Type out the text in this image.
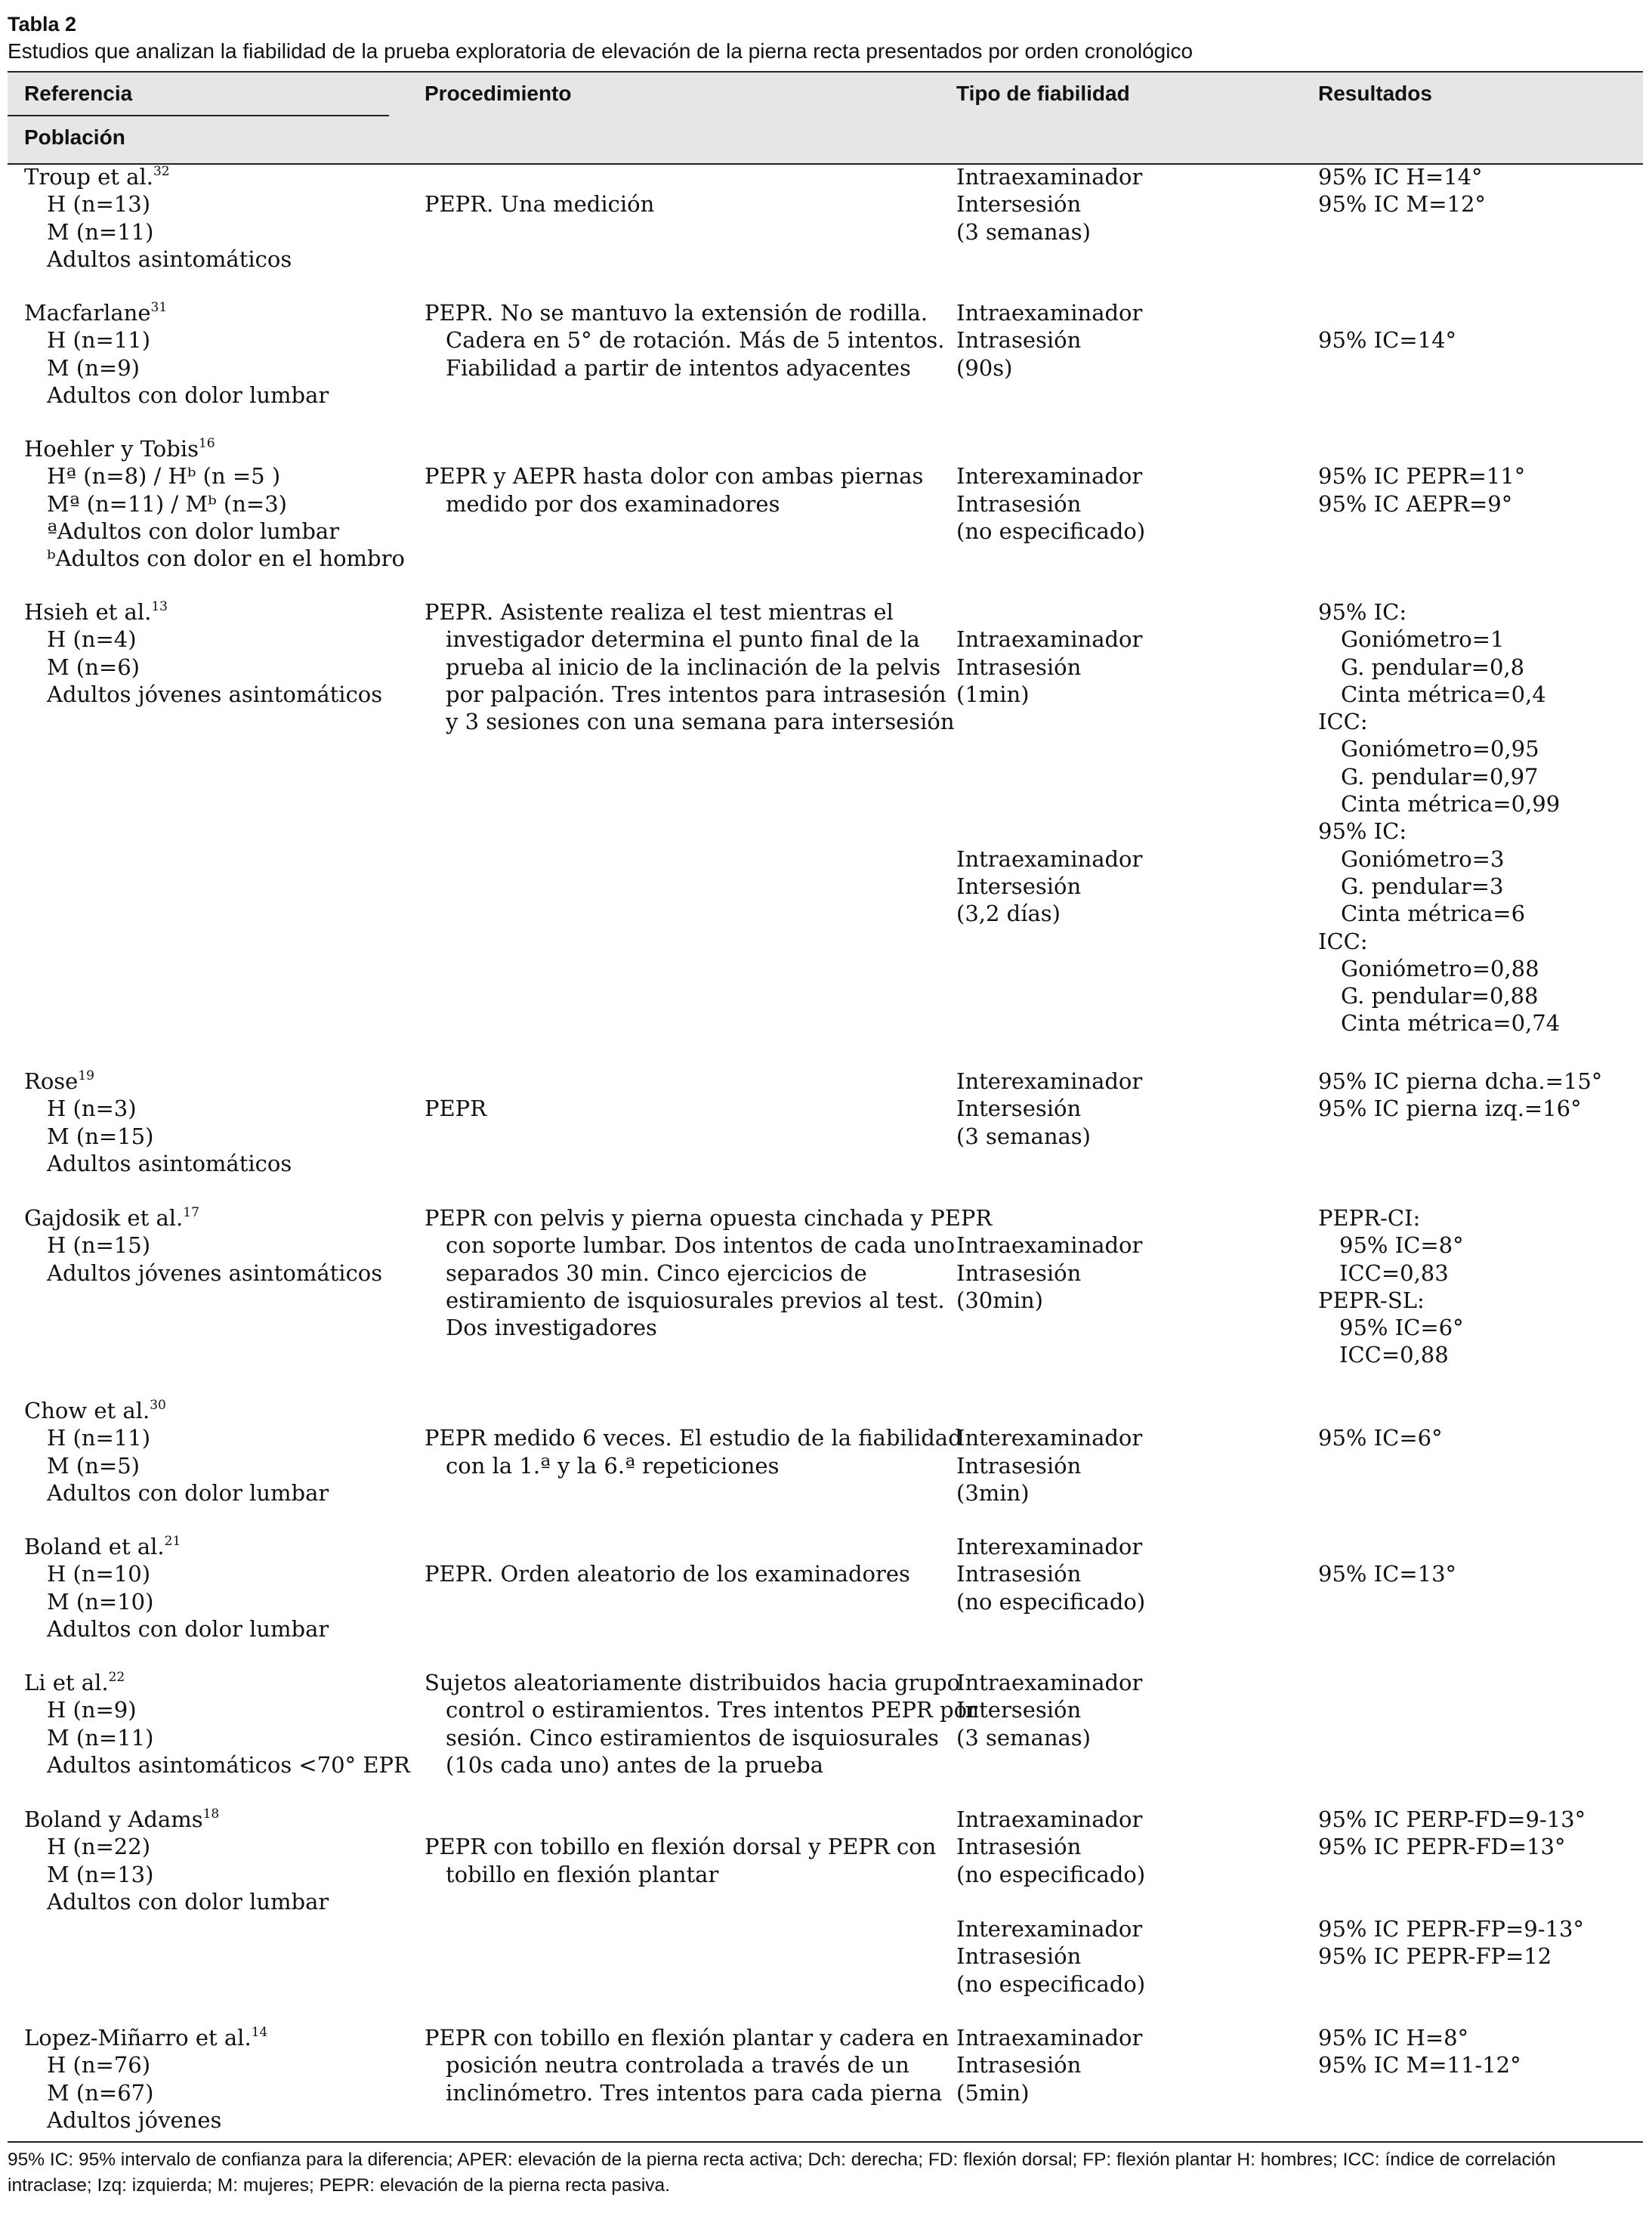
Tabla 2
Estudios que analizan la fiabilidad de la prueba exploratoria de elevación de la pierna recta presentados por orden cronológico
Referencia
Población
Procedimiento	Tipo de fiabilidad	Resultados
Troup et al.$^{32}$
H (n=13)
M (n=11)
Adultos asintomáticos
PEPR. Una medición
Intraexaminador
Intersesión
(3 semanas)
95% IC H=14°
95% IC M=12°
Macfarlane$^{31}$
H (n=11)
M (n=9)
Adultos con dolor lumbar
PEPR. No se mantuvo la extensión de rodilla.
Cadera en 5° de rotación. Más de 5 intentos.
Fiabilidad a partir de intentos adyacentes
Intraexaminador
Intrasesión
(90s)
95% IC=14°
Hoehler y Tobis$^{16}$
Hª (n=8) / Hᵇ (n =5 )
Mª (n=11) / Mᵇ (n=3)
ªAdultos con dolor lumbar
ᵇAdultos con dolor en el hombro
PEPR y AEPR hasta dolor con ambas piernas
medido por dos examinadores
Interexaminador
Intrasesión
(no especificado)
95% IC PEPR=11°
95% IC AEPR=9°
Hsieh et al.$^{13}$
H (n=4)
M (n=6)
Adultos jóvenes asintomáticos
PEPR. Asistente realiza el test mientras el
investigador determina el punto final de la
prueba al inicio de la inclinación de la pelvis
por palpación. Tres intentos para intrasesión
y 3 sesiones con una semana para intersesión
Intraexaminador
Intrasesión
(1min)
Intraexaminador
Intersesión
(3,2 días)
95% IC:
Goniómetro=1
G. pendular=0,8
Cinta métrica=0,4
ICC:
Goniómetro=0,95
G. pendular=0,97
Cinta métrica=0,99
95% IC:
Goniómetro=3
G. pendular=3
Cinta métrica=6
ICC:
Goniómetro=0,88
G. pendular=0,88
Cinta métrica=0,74
Rose$^{19}$
H (n=3)
M (n=15)
Adultos asintomáticos
PEPR
Interexaminador
Intersesión
(3 semanas)
95% IC pierna dcha.=15°
95% IC pierna izq.=16°
Gajdosik et al.$^{17}$
H (n=15)
Adultos jóvenes asintomáticos
PEPR con pelvis y pierna opuesta cinchada y PEPR
con soporte lumbar. Dos intentos de cada uno
separados 30 min. Cinco ejercicios de
estiramiento de isquiosurales previos al test.
Dos investigadores
Intraexaminador
Intrasesión
(30min)
PEPR-CI:
95% IC=8°
ICC=0,83
PEPR-SL:
95% IC=6°
ICC=0,88
Chow et al.$^{30}$
H (n=11)
M (n=5)
Adultos con dolor lumbar
PEPR medido 6 veces. El estudio de la fiabilidad
con la 1.ª y la 6.ª repeticiones
Interexaminador
Intrasesión
(3min)
95% IC=6°
Boland et al.$^{21}$
H (n=10)
M (n=10)
Adultos con dolor lumbar
PEPR. Orden aleatorio de los examinadores
Interexaminador
Intrasesión
(no especificado)
95% IC=13°
Li et al.$^{22}$
H (n=9)
M (n=11)
Adultos asintomáticos <70° EPR
Sujetos aleatoriamente distribuidos hacia grupo
control o estiramientos. Tres intentos PEPR por
sesión. Cinco estiramientos de isquiosurales
(10s cada uno) antes de la prueba
Intraexaminador
Intersesión
(3 semanas)
Boland y Adams$^{18}$
H (n=22)
M (n=13)
Adultos con dolor lumbar
PEPR con tobillo en flexión dorsal y PEPR con
tobillo en flexión plantar
Intraexaminador
Intrasesión
(no especificado)
Interexaminador
Intrasesión
(no especificado)
95% IC PERP-FD=9-13°
95% IC PEPR-FD=13°
95% IC PEPR-FP=9-13°
95% IC PEPR-FP=12
Lopez-Miñarro et al.$^{14}$
H (n=76)
M (n=67)
Adultos jóvenes
PEPR con tobillo en flexión plantar y cadera en
posición neutra controlada a través de un
inclinómetro. Tres intentos para cada pierna
Intraexaminador
Intrasesión
(5min)
95% IC H=8°
95% IC M=11-12°
95% IC: 95% intervalo de confianza para la diferencia; APER: elevación de la pierna recta activa; Dch: derecha; FD: flexión dorsal; FP: flexión plantar H: hombres; ICC: índice de correlación intraclase; Izq: izquierda; M: mujeres; PEPR: elevación de la pierna recta pasiva.
